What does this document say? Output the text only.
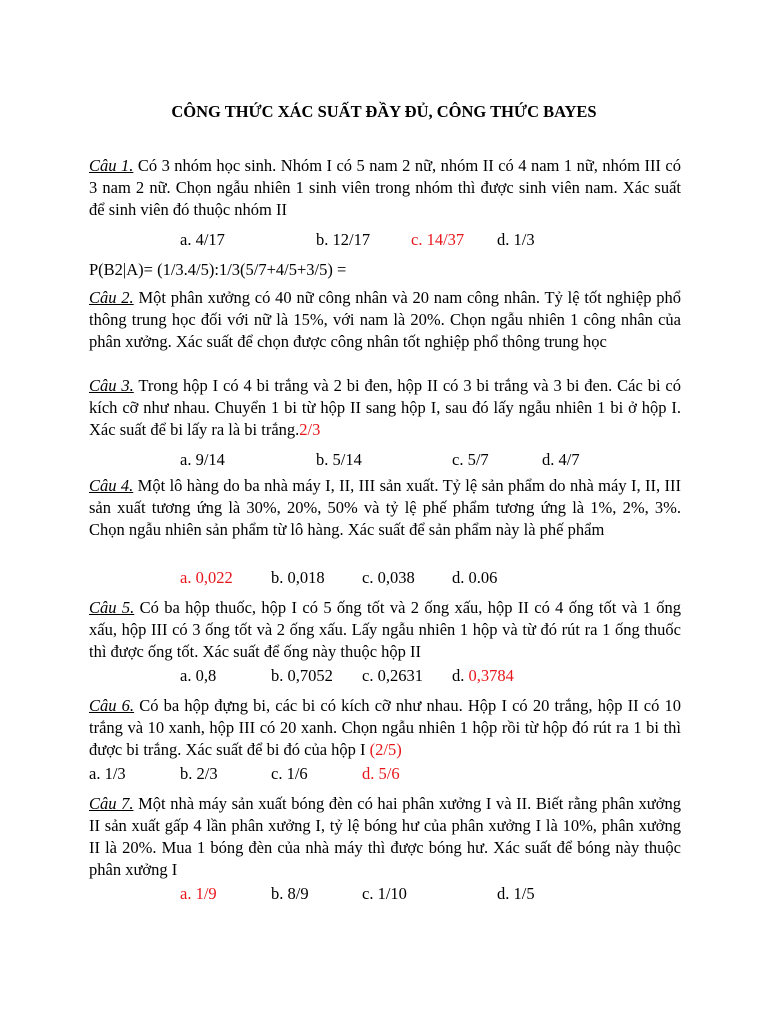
CÔNG THỨC XÁC SUẤT ĐẦY ĐỦ, CÔNG THỨC BAYES
Câu 1. Có 3 nhóm học sinh. Nhóm I có 5 nam 2 nữ, nhóm II có 4 nam 1 nữ, nhóm III có 3 nam 2 nữ. Chọn ngẫu nhiên 1 sinh viên trong nhóm thì được sinh viên nam. Xác suất để sinh viên đó thuộc nhóm II
a. 4/17	b. 12/17 c. 14/37 d. 1/3
P(B2|A)= (1/3.4/5):1/3(5/7+4/5+3/5) =
Câu 2. Một phân xưởng có 40 nữ công nhân và 20 nam công nhân. Tỷ lệ tốt nghiệp phổ thông trung học đối với nữ là 15%, với nam là 20%. Chọn ngẫu nhiên 1 công nhân của phân xưởng. Xác suất để chọn được công nhân tốt nghiệp phổ thông trung học
Câu 3. Trong hộp I có 4 bi trắng và 2 bi đen, hộp II có 3 bi trắng và 3 bi đen. Các bi có kích cỡ như nhau. Chuyển 1 bi từ hộp II sang hộp I, sau đó lấy ngẫu nhiên 1 bi ở hộp I. Xác suất để bi lấy ra là bi trắng.2/3
a. 9/14	b. 5/14	c. 5/7	d. 4/7
Câu 4. Một lô hàng do ba nhà máy I, II, III sản xuất. Tỷ lệ sản phẩm do nhà máy I, II, III sản xuất tương ứng là 30%, 20%, 50% và tỷ lệ phế phẩm tương ứng là 1%, 2%, 3%. Chọn ngẫu nhiên sản phẩm từ lô hàng. Xác suất để sản phẩm này là phế phẩm
a. 0,022 b. 0,018 c. 0,038 d. 0.06
Câu 5. Có ba hộp thuốc, hộp I có 5 ống tốt và 2 ống xấu, hộp II có 4 ống tốt và 1 ống xấu, hộp III có 3 ống tốt và 2 ống xấu. Lấy ngẫu nhiên 1 hộp và từ đó rút ra 1 ống thuốc thì được ống tốt. Xác suất để ống này thuộc hộp II
a. 0,8	b. 0,7052 c. 0,2631 d. 0,3784
Câu 6. Có ba hộp đựng bi, các bi có kích cỡ như nhau. Hộp I có 20 trắng, hộp II có 10 trắng và 10 xanh, hộp III có 20 xanh. Chọn ngẫu nhiên 1 hộp rồi từ hộp đó rút ra 1 bi thì được bi trắng. Xác suất để bi đó của hộp I (2/5)
a. 1/3	b. 2/3	c. 1/6	d. 5/6
Câu 7. Một nhà máy sản xuất bóng đèn có hai phân xưởng I và II. Biết rằng phân xưởng II sản xuất gấp 4 lần phân xưởng I, tỷ lệ bóng hư của phân xưởng I là 10%, phân xưởng II là 20%. Mua 1 bóng đèn của nhà máy thì được bóng hư. Xác suất để bóng này thuộc phân xưởng I
a. 1/9	b. 8/9	c. 1/10	d. 1/5
